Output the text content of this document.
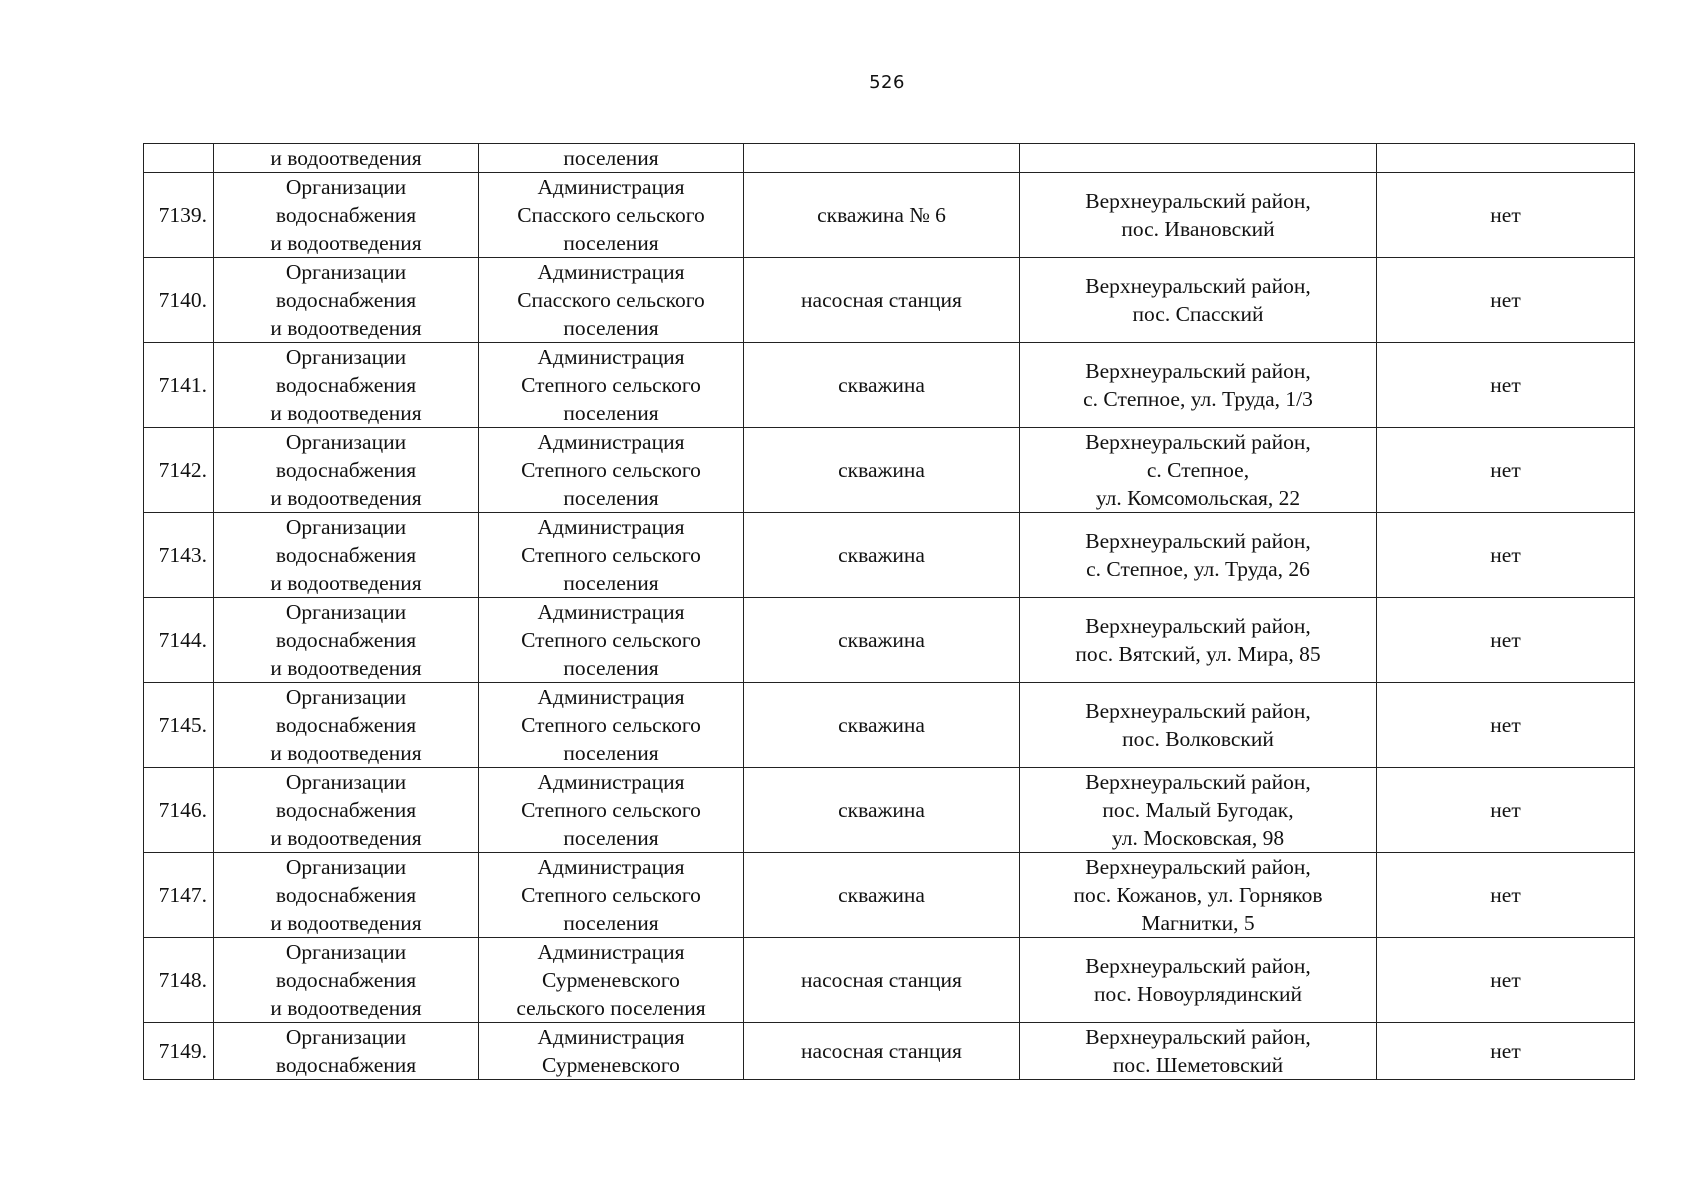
526
	и водоотведения	поселения			
7139.	Организации
водоснабжения
и водоотведения	Администрация
Спасского сельского
поселения	скважина № 6	Верхнеуральский район,
пос. Ивановский	нет
7140.	Организации
водоснабжения
и водоотведения	Администрация
Спасского сельского
поселения	насосная станция	Верхнеуральский район,
пос. Спасский	нет
7141.	Организации
водоснабжения
и водоотведения	Администрация
Степного сельского
поселения	скважина	Верхнеуральский район,
с. Степное, ул. Труда, 1/3	нет
7142.	Организации
водоснабжения
и водоотведения	Администрация
Степного сельского
поселения	скважина	Верхнеуральский район,
с. Степное,
ул. Комсомольская, 22	нет
7143.	Организации
водоснабжения
и водоотведения	Администрация
Степного сельского
поселения	скважина	Верхнеуральский район,
с. Степное, ул. Труда, 26	нет
7144.	Организации
водоснабжения
и водоотведения	Администрация
Степного сельского
поселения	скважина	Верхнеуральский район,
пос. Вятский, ул. Мира, 85	нет
7145.	Организации
водоснабжения
и водоотведения	Администрация
Степного сельского
поселения	скважина	Верхнеуральский район,
пос. Волковский	нет
7146.	Организации
водоснабжения
и водоотведения	Администрация
Степного сельского
поселения	скважина	Верхнеуральский район,
пос. Малый Бугодак,
ул. Московская, 98	нет
7147.	Организации
водоснабжения
и водоотведения	Администрация
Степного сельского
поселения	скважина	Верхнеуральский район,
пос. Кожанов, ул. Горняков
Магнитки, 5	нет
7148.	Организации
водоснабжения
и водоотведения	Администрация
Сурменевского
сельского поселения	насосная станция	Верхнеуральский район,
пос. Новоурлядинский	нет
7149.	Организации
водоснабжения	Администрация
Сурменевского	насосная станция	Верхнеуральский район,
пос. Шеметовский	нет
